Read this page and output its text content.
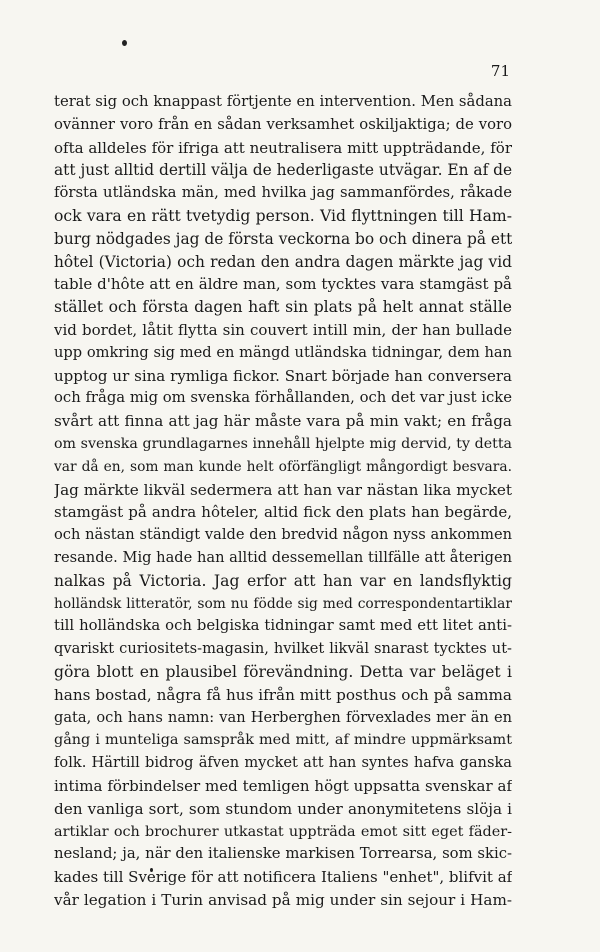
71
terat sig och knappast förtjente en intervention. Men sådana
ovänner voro från en sådan verksamhet oskiljaktiga; de voro
ofta alldeles för ifriga att neutralisera mitt uppträdande, för
att just alltid dertill välja de hederligaste utvägar. En af de
första utländska män, med hvilka jag sammanfördes, råkade
ock vara en rätt tvetydig person. Vid flyttningen till Ham-
burg nödgades jag de första veckorna bo och dinera på ett
hôtel (Victoria) och redan den andra dagen märkte jag vid
table d'hôte att en äldre man, som tycktes vara stamgäst på
stället och första dagen haft sin plats på helt annat ställe
vid bordet, låtit flytta sin couvert intill min, der han bullade
upp omkring sig med en mängd utländska tidningar, dem han
upptog ur sina rymliga fickor. Snart började han conversera
och fråga mig om svenska förhållanden, och det var just icke
svårt att finna att jag här måste vara på min vakt; en fråga
om svenska grundlagarnes innehåll hjelpte mig dervid, ty detta
var då en, som man kunde helt oförfängligt mångordigt besvara.
Jag märkte likväl sedermera att han var nästan lika mycket
stamgäst på andra hôteler, altid fick den plats han begärde,
och nästan ständigt valde den bredvid någon nyss ankommen
resande. Mig hade han alltid dessemellan tillfälle att återigen
nalkas på Victoria. Jag erfor att han var en landsflyktig
holländsk litteratör, som nu födde sig med correspondentartiklar
till holländska och belgiska tidningar samt med ett litet anti-
qvariskt curiositets-magasin, hvilket likväl snarast tycktes ut-
göra blott en plausibel förevändning. Detta var beläget i
hans bostad, några få hus ifrån mitt posthus och på samma
gata, och hans namn: van Herberghen förvexlades mer än en
gång i munteliga samspråk med mitt, af mindre uppmärksamt
folk. Härtill bidrog äfven mycket att han syntes hafva ganska
intima förbindelser med temligen högt uppsatta svenskar af
den vanliga sort, som stundom under anonymitetens slöja i
artiklar och brochurer utkastat uppträda emot sitt eget fäder-
nesland; ja, när den italienske markisen Torrearsa, som skic-
kades till Sverige för att notificera Italiens "enhet", blifvit af
vår legation i Turin anvisad på mig under sin sejour i Ham-
